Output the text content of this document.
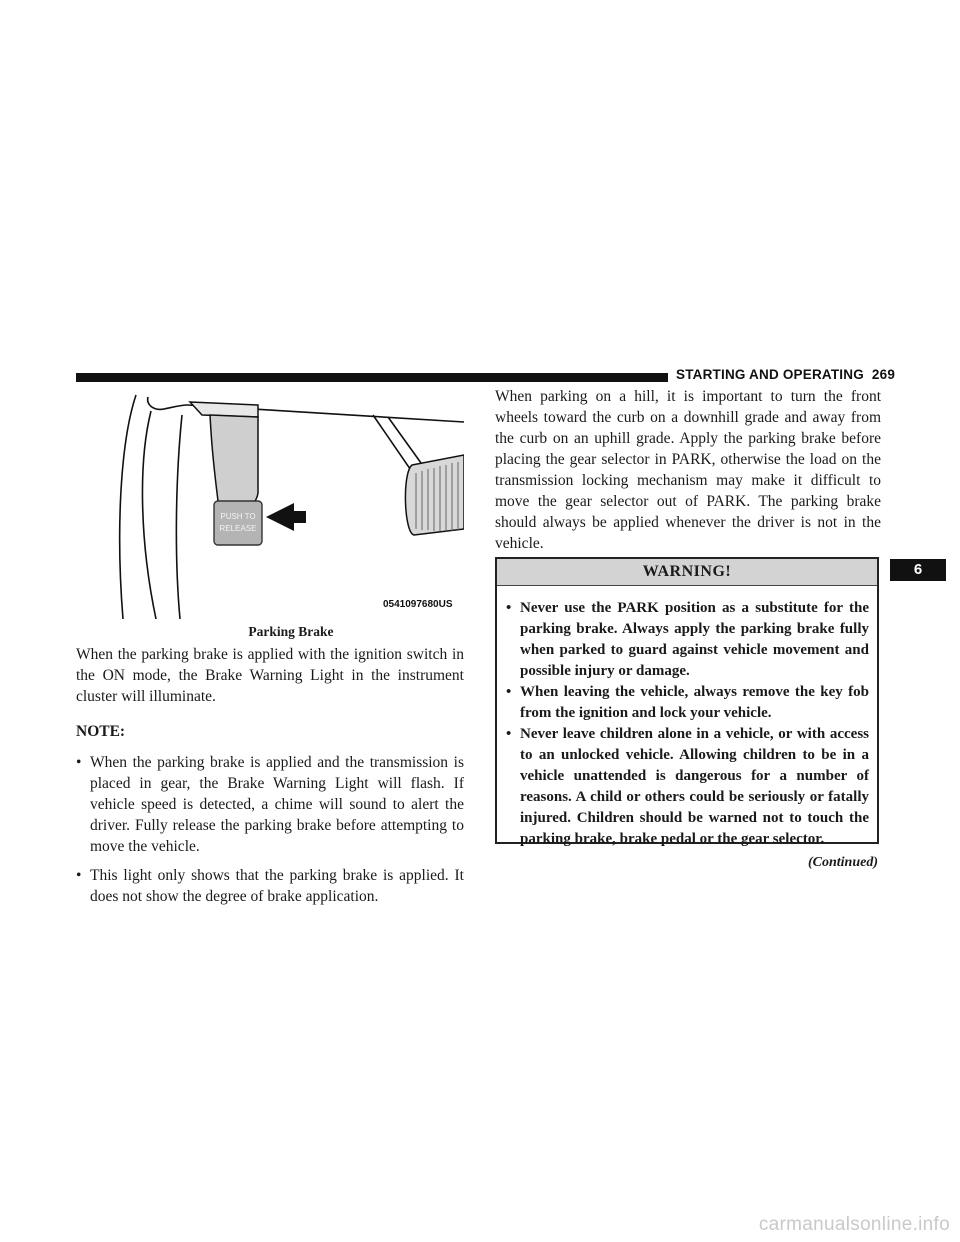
STARTING AND OPERATING 269
PUSH TO
RELEASE
0541097680US
Parking Brake

When the parking brake is applied with the ignition switch in the ON mode, the Brake Warning Light in the instrument cluster will illuminate.

NOTE:

• When the parking brake is applied and the transmission is placed in gear, the Brake Warning Light will flash. If vehicle speed is detected, a chime will sound to alert the driver. Fully release the parking brake before attempting to move the vehicle.
• This light only shows that the parking brake is applied. It does not show the degree of brake application.

When parking on a hill, it is important to turn the front wheels toward the curb on a downhill grade and away from the curb on an uphill grade. Apply the parking brake before placing the gear selector in PARK, otherwise the load on the transmission locking mechanism may make it difficult to move the gear selector out of PARK. The parking brake should always be applied whenever the driver is not in the vehicle.

WARNING!
• Never use the PARK position as a substitute for the parking brake. Always apply the parking brake fully when parked to guard against vehicle movement and possible injury or damage.
• When leaving the vehicle, always remove the key fob from the ignition and lock your vehicle.
• Never leave children alone in a vehicle, or with access to an unlocked vehicle. Allowing children to be in a vehicle unattended is dangerous for a number of reasons. A child or others could be seriously or fatally injured. Children should be warned not to touch the parking brake, brake pedal or the gear selector.
(Continued)
6
carmanualsonline.info
